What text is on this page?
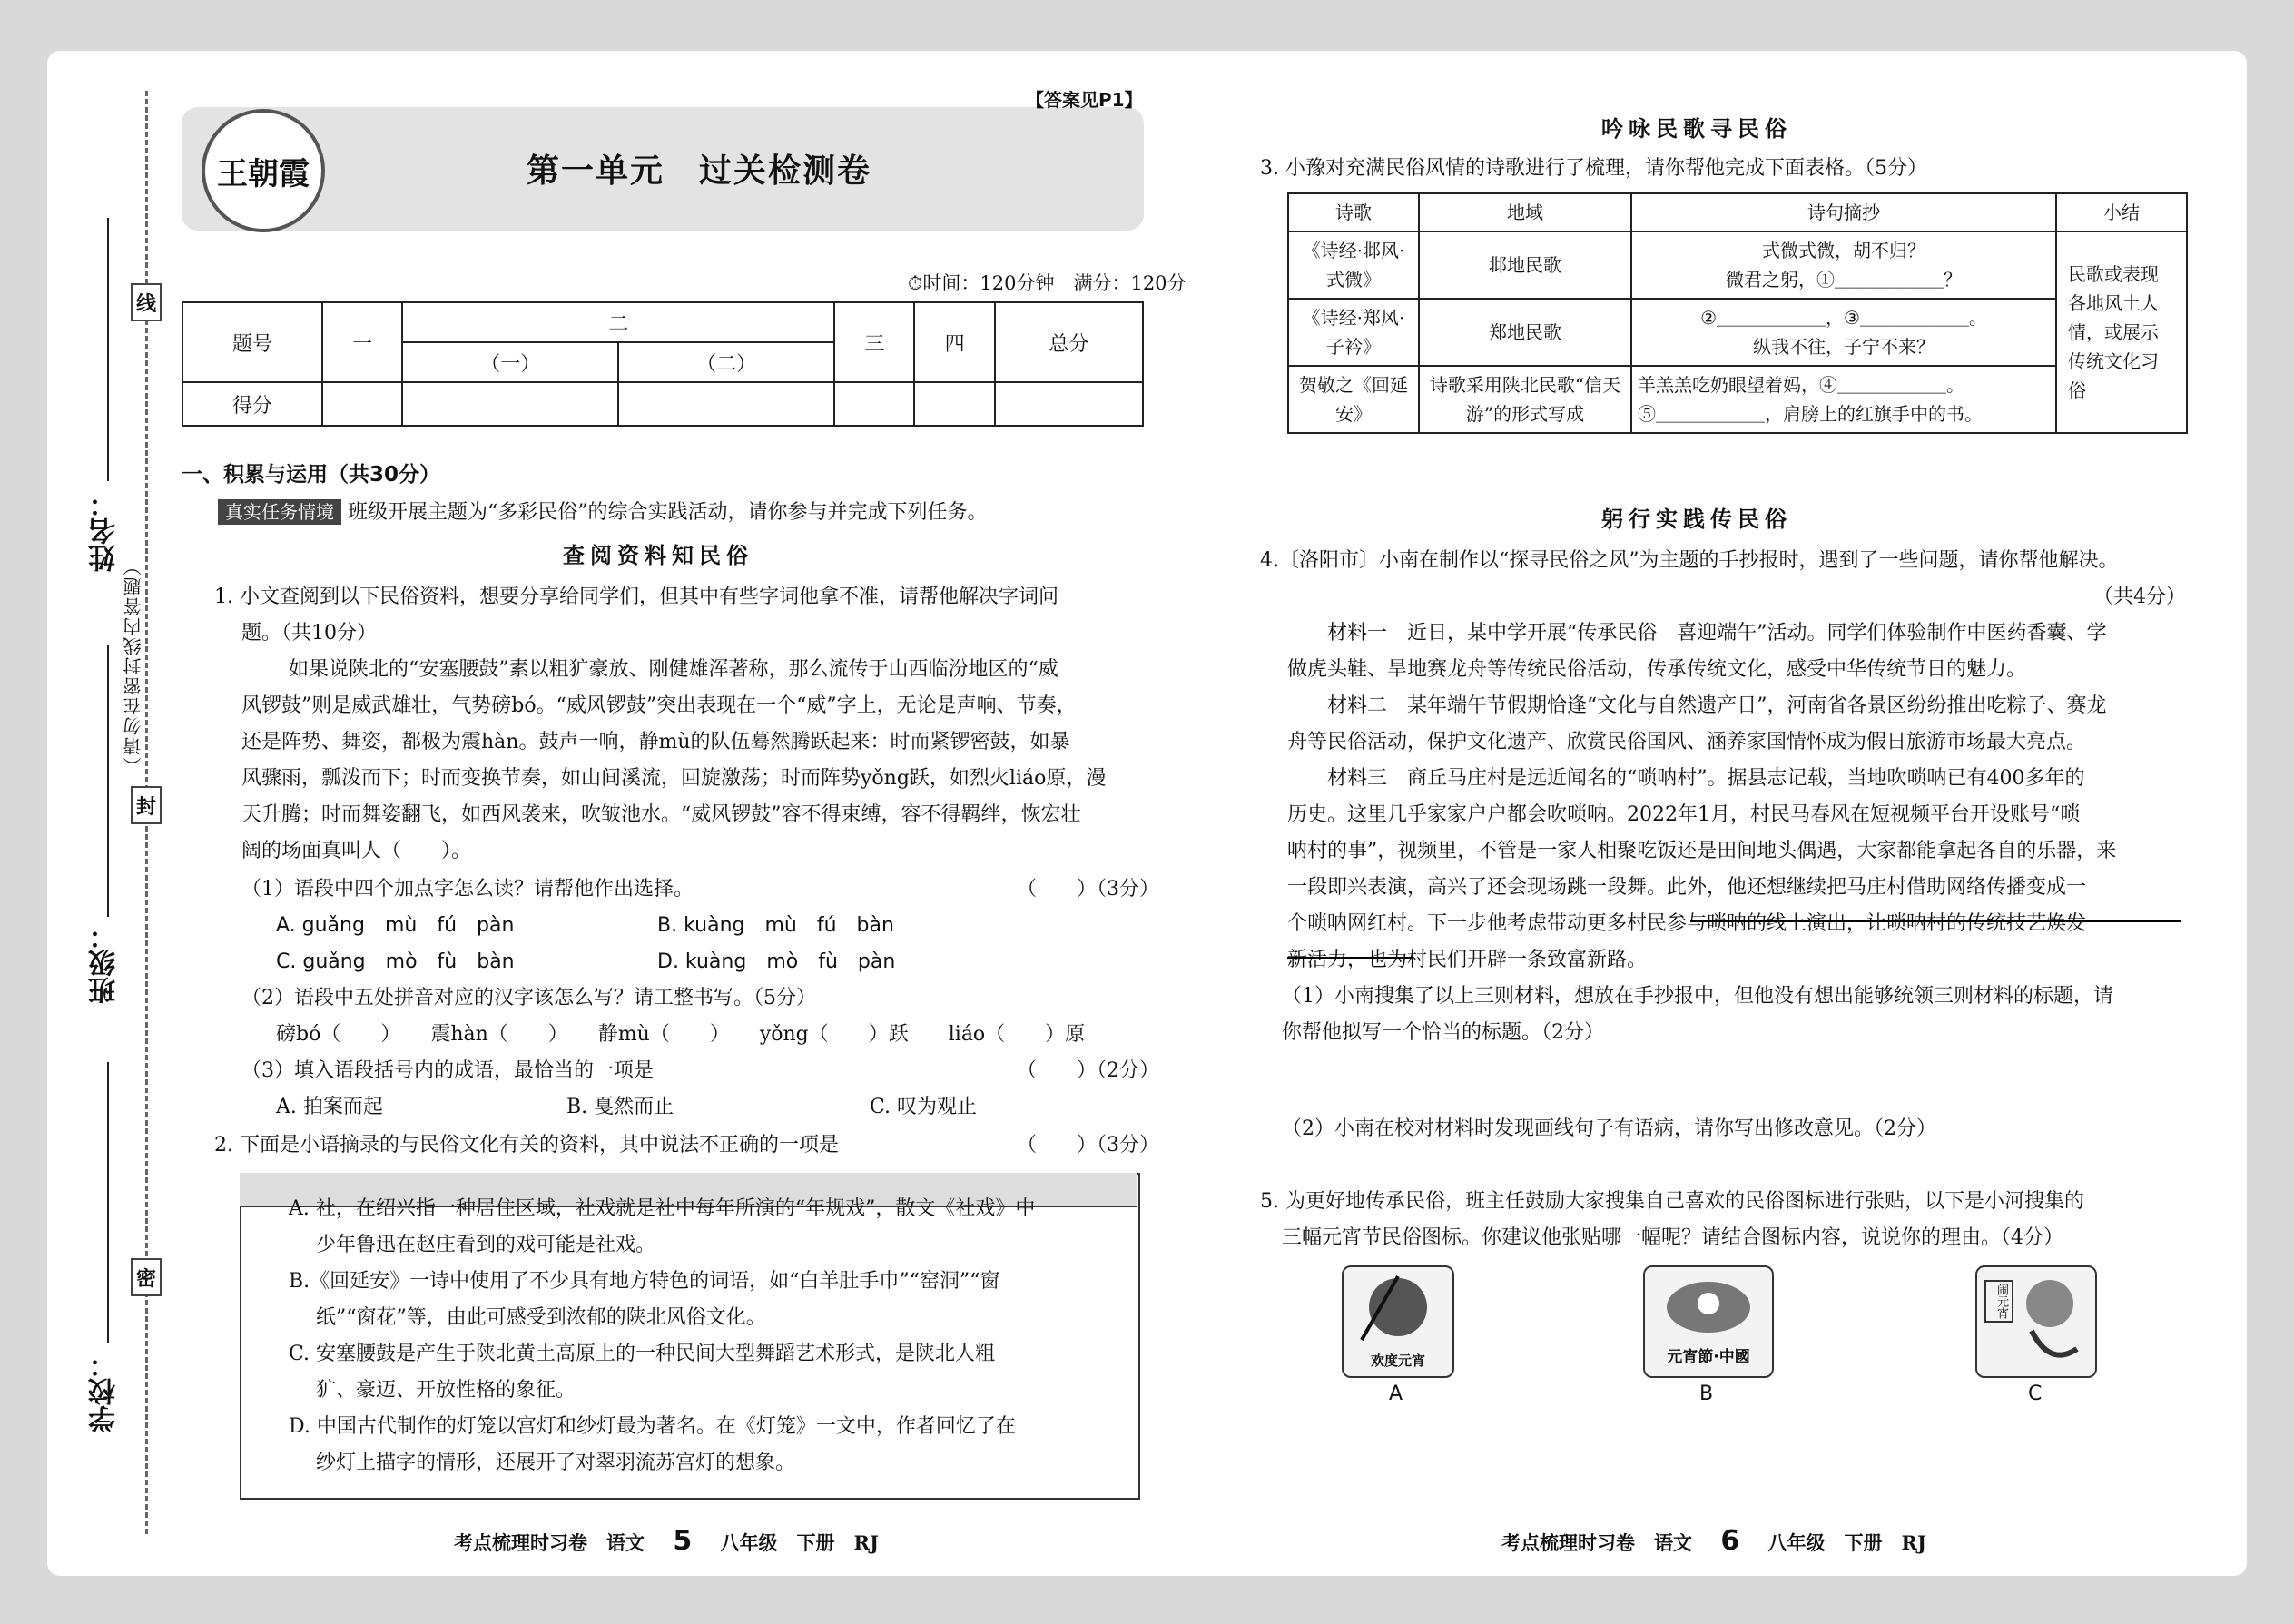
线
封
密
（请勿在密封线内答题）
姓名：
班级：
学校：
王朝霞
【答案见P1】
第一单元　过关检测卷
⏱时间：120分钟　满分：120分
题号	一	二		三	四	总分
		（一）	（二）			
得分						
一、积累与运用（共30分）
真实任务情境 班级开展主题为“多彩民俗”的综合实践活动，请你参与并完成下列任务。
查阅资料知民俗
1. 小文查阅到以下民俗资料，想要分享给同学们，但其中有些字词他拿不准，请帮他解决字词问
题。（共10分）
如果说陕北的“安塞腰鼓”素以粗犷豪放、刚健雄浑著称，那么流传于山西临汾地区的“威
风锣鼓”则是威武雄壮，气势磅bó。“威风锣鼓”突出表现在一个“威”字上，无论是声响、节奏，
还是阵势、舞姿，都极为震hàn。鼓声一响，静mù的队伍蓦然腾跃起来：时而紧锣密鼓，如暴
风骤雨，瓢泼而下；时而变换节奏，如山间溪流，回旋激荡；时而阵势yǒng跃，如烈火liáo原，漫
天升腾；时而舞姿翻飞，如西风袭来，吹皱池水。“威风锣鼓”容不得束缚，容不得羁绊，恢宏壮
阔的场面真叫人（　　）。
（1）语段中四个加点字怎么读？请帮他作出选择。	（　　）（3分）
A. guǎng　mù　fú　pàn	B. kuàng　mù　fú　bàn
C. guǎng　mò　fù　bàn	D. kuàng　mò　fù　pàn
（2）语段中五处拼音对应的汉字该怎么写？请工整书写。（5分）
磅bó（　　）　　震hàn（　　）　　静mù（　　）　　yǒng（　　）跃　　liáo（　　）原
（3）填入语段括号内的成语，最恰当的一项是	（　　）（2分）
A. 拍案而起	B. 戛然而止	C. 叹为观止
2. 下面是小语摘录的与民俗文化有关的资料，其中说法不正确的一项是	（　　）（3分）
A. 社，在绍兴指一种居住区域，社戏就是社中每年所演的“年规戏”，散文《社戏》中
少年鲁迅在赵庄看到的戏可能是社戏。
B.《回延安》一诗中使用了不少具有地方特色的词语，如“白羊肚手巾”“窑洞”“窗
纸”“窗花”等，由此可感受到浓郁的陕北风俗文化。
C. 安塞腰鼓是产生于陕北黄土高原上的一种民间大型舞蹈艺术形式，是陕北人粗
犷、豪迈、开放性格的象征。
D. 中国古代制作的灯笼以宫灯和纱灯最为著名。在《灯笼》一文中，作者回忆了在
纱灯上描字的情形，还展开了对翠羽流苏宫灯的想象。
考点梳理时习卷　语文 5 八年级　下册　RJ
吟咏民歌寻民俗
3. 小豫对充满民俗风情的诗歌进行了梳理，请你帮他完成下面表格。（5分）
诗歌	地域	诗句摘抄	小结
《诗经·邶风·式微》	邶地民歌	式微式微，胡不归？
微君之躬，①＿＿＿＿＿＿？	民歌或表现各地风土人情，或展示传统文化习俗
《诗经·郑风·子衿》	郑地民歌	②＿＿＿＿＿＿，③＿＿＿＿＿＿。
纵我不往，子宁不来？	

贺敬之《回延安》	诗歌采用陕北民歌“信天游”的形式写成	羊羔羔吃奶眼望着妈，④＿＿＿＿＿＿。
⑤＿＿＿＿＿＿，肩膀上的红旗手中的书。	
躬行实践传民俗
4.〔洛阳市〕小南在制作以“探寻民俗之风”为主题的手抄报时，遇到了一些问题，请你帮他解决。
（共4分）
材料一　近日，某中学开展“传承民俗　喜迎端午”活动。同学们体验制作中医药香囊、学
做虎头鞋、旱地赛龙舟等传统民俗活动，传承传统文化，感受中华传统节日的魅力。
材料二　某年端午节假期恰逢“文化与自然遗产日”，河南省各景区纷纷推出吃粽子、赛龙
舟等民俗活动，保护文化遗产、欣赏民俗国风、涵养家国情怀成为假日旅游市场最大亮点。
材料三　商丘马庄村是远近闻名的“唢呐村”。据县志记载，当地吹唢呐已有400多年的
历史。这里几乎家家户户都会吹唢呐。2022年1月，村民马春风在短视频平台开设账号“唢
呐村的事”，视频里，不管是一家人相聚吃饭还是田间地头偶遇，大家都能拿起各自的乐器，来
一段即兴表演，高兴了还会现场跳一段舞。此外，他还想继续把马庄村借助网络传播变成一
个唢呐网红村。下一步他考虑带动更多村民参与唢呐的线上演出，让唢呐村的传统技艺焕发
新活力，也为村民们开辟一条致富新路。
（1）小南搜集了以上三则材料，想放在手抄报中，但他没有想出能够统领三则材料的标题，请
你帮他拟写一个恰当的标题。（2分）
（2）小南在校对材料时发现画线句子有语病，请你写出修改意见。（2分）
5. 为更好地传承民俗，班主任鼓励大家搜集自己喜欢的民俗图标进行张贴，以下是小河搜集的
三幅元宵节民俗图标。你建议他张贴哪一幅呢？请结合图标内容，说说你的理由。（4分）
欢度元宵
A
元宵節·中國
B
闹元宵
C
考点梳理时习卷　语文 6 八年级　下册　RJ
